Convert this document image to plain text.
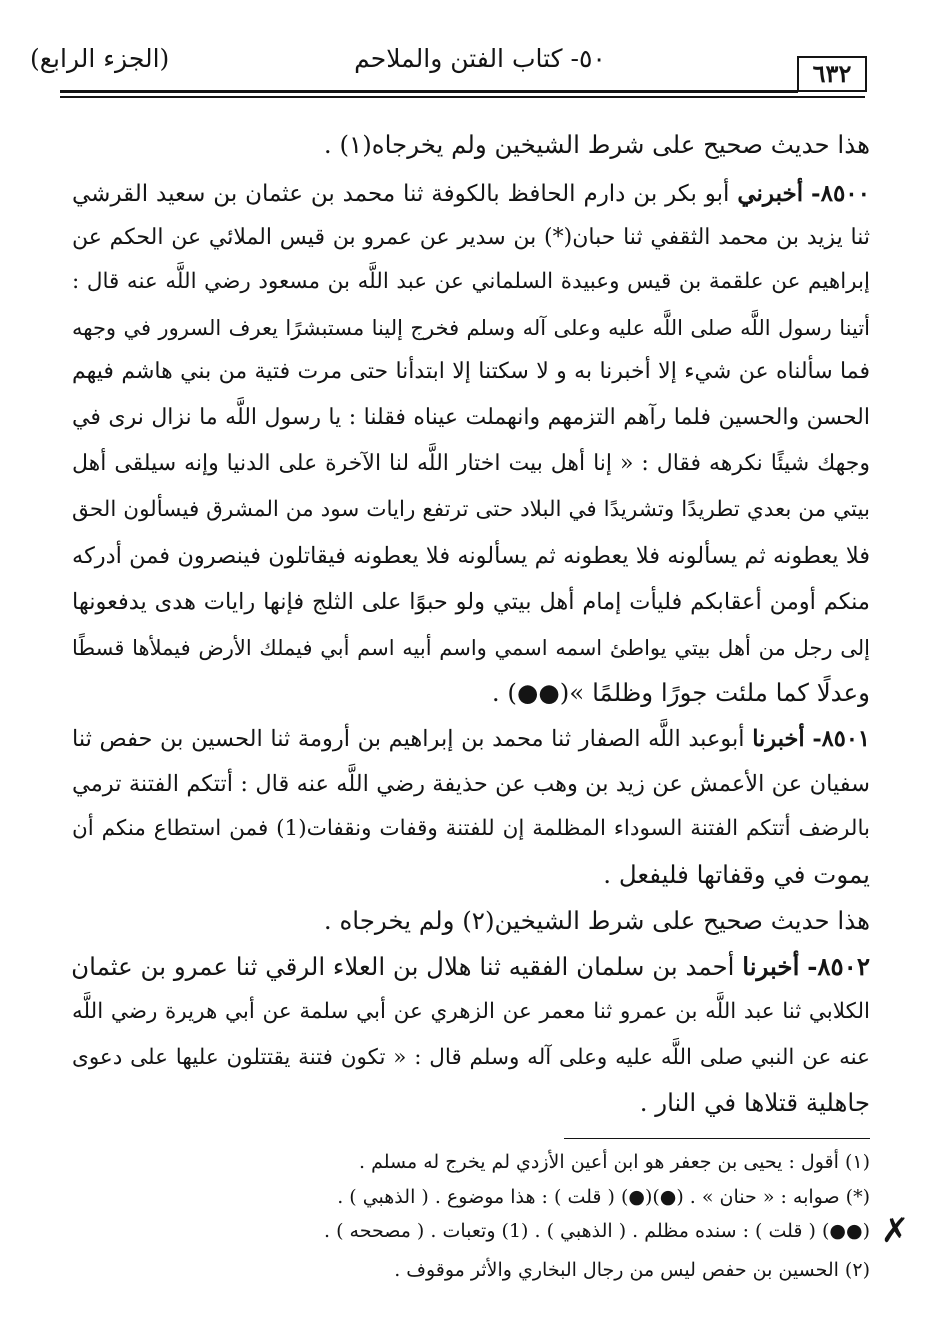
٦٣٢
٥٠- كتاب الفتن والملاحم
(الجزء الرابع)
هذا حديث صحيح على شرط الشيخين ولم يخرجاه(١) .
٨٥٠٠- أخبرني أبو بكر بن دارم الحافظ بالكوفة ثنا محمد بن عثمان بن سعيد القرشي
ثنا يزيد بن محمد الثقفي ثنا حبان(*) بن سدير عن عمرو بن قيس الملائي عن الحكم عن
إبراهيم عن علقمة بن قيس وعبيدة السلماني عن عبد اللَّه بن مسعود رضي اللَّه عنه قال :
أتينا رسول اللَّه صلى اللَّه عليه وعلى آله وسلم فخرج إلينا مستبشرًا يعرف السرور في وجهه
فما سألناه عن شيء إلا أخبرنا به و لا سكتنا إلا ابتدأنا حتى مرت فتية من بني هاشم فيهم
الحسن والحسين فلما رآهم التزمهم وانهملت عيناه فقلنا : يا رسول اللَّه ما نزال نرى في
وجهك شيئًا نكرهه فقال : « إنا أهل بيت اختار اللَّه لنا الآخرة على الدنيا وإنه سيلقى أهل
بيتي من بعدي تطريدًا وتشريدًا في البلاد حتى ترتفع رايات سود من المشرق فيسألون الحق
فلا يعطونه ثم يسألونه فلا يعطونه ثم يسألونه فلا يعطونه فيقاتلون فينصرون فمن أدركه
منكم أومن أعقابكم فليأت إمام أهل بيتي ولو حبوًا على الثلج فإنها رايات هدى يدفعونها
إلى رجل من أهل بيتي يواطئ اسمه اسمي واسم أبيه اسم أبي فيملك الأرض فيملأها قسطًا
وعدلًا كما ملئت جورًا وظلمًا »(●●) .
٨٥٠١- أخبرنا أبوعبد اللَّه الصفار ثنا محمد بن إبراهيم بن أرومة ثنا الحسين بن حفص ثنا
سفيان عن الأعمش عن زيد بن وهب عن حذيفة رضي اللَّه عنه قال : أتتكم الفتنة ترمي
بالرضف أتتكم الفتنة السوداء المظلمة إن للفتنة وقفات ونقفات(1) فمن استطاع منكم أن
يموت في وقفاتها فليفعل .
هذا حديث صحيح على شرط الشيخين(٢) ولم يخرجاه .
٨٥٠٢- أخبرنا أحمد بن سلمان الفقيه ثنا هلال بن العلاء الرقي ثنا عمرو بن عثمان
الكلابي ثنا عبد اللَّه بن عمرو ثنا معمر عن الزهري عن أبي سلمة عن أبي هريرة رضي اللَّه
عنه عن النبي صلى اللَّه عليه وعلى آله وسلم قال : « تكون فتنة يقتتلون عليها على دعوى
جاهلية قتلاها في النار .
(١) أقول : يحيى بن جعفر هو ابن أعين الأزدي لم يخرج له مسلم .
(*) صوابه : « حنان » . (●)(●) ( قلت ) : هذا موضوع . ( الذهبي ) .
(●●) ( قلت ) : سنده مظلم . ( الذهبي ) . (1) وتعبات . ( مصححه ) .
(٢) الحسين بن حفص ليس من رجال البخاري والأثر موقوف .
✗
